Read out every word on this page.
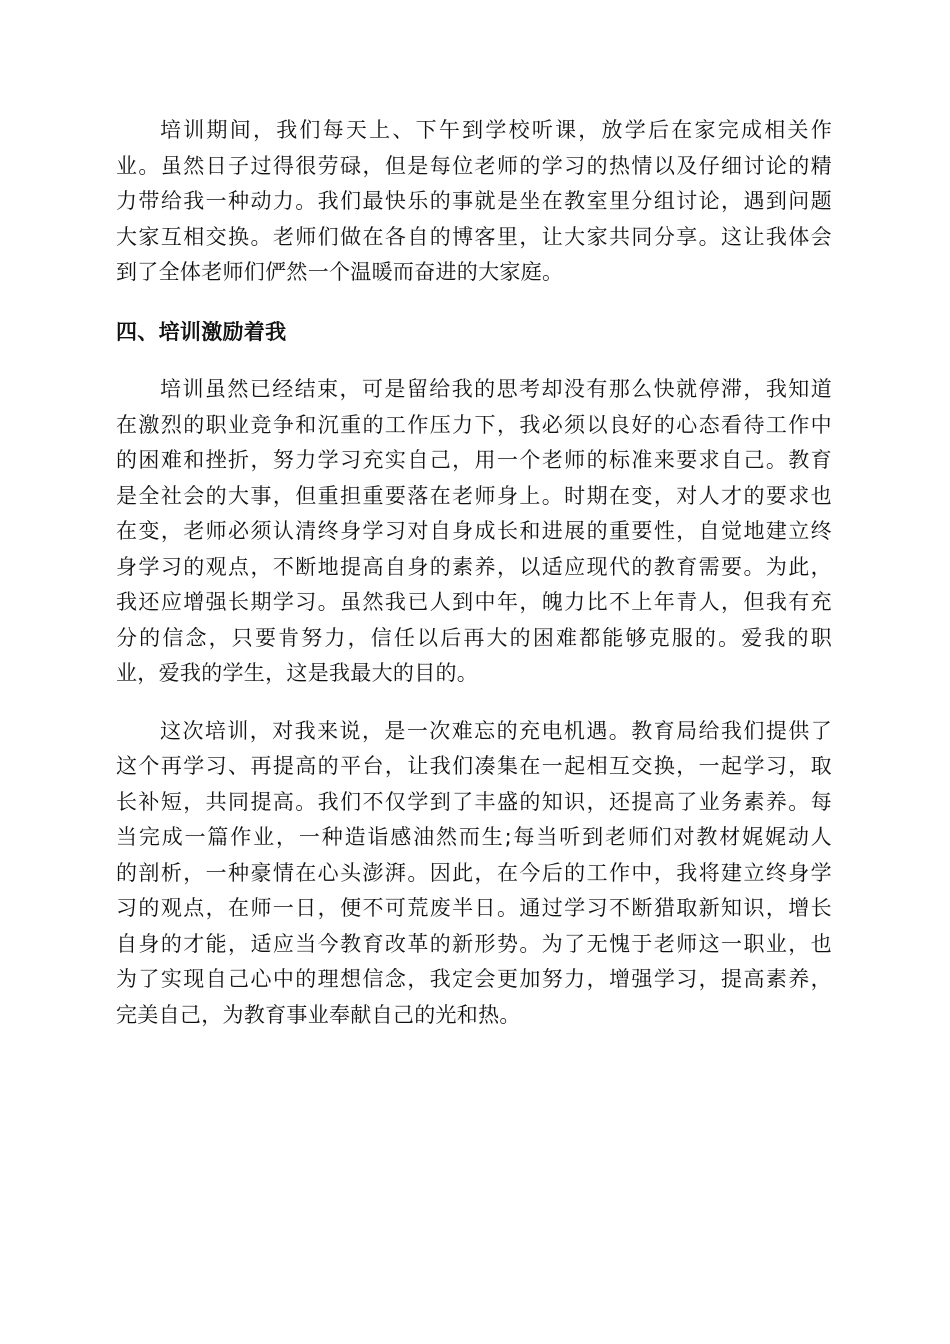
培训期间，我们每天上、下午到学校听课，放学后在家完成相关作
业。虽然日子过得很劳碌，但是每位老师的学习的热情以及仔细讨论的精
力带给我一种动力。我们最快乐的事就是坐在教室里分组讨论，遇到问题
大家互相交换。老师们做在各自的博客里，让大家共同分享。这让我体会
到了全体老师们俨然一个温暖而奋进的大家庭。
四、培训激励着我
培训虽然已经结束，可是留给我的思考却没有那么快就停滞，我知道
在激烈的职业竞争和沉重的工作压力下，我必须以良好的心态看待工作中
的困难和挫折，努力学习充实自己，用一个老师的标准来要求自己。教育
是全社会的大事，但重担重要落在老师身上。时期在变，对人才的要求也
在变，老师必须认清终身学习对自身成长和进展的重要性，自觉地建立终
身学习的观点，不断地提高自身的素养，以适应现代的教育需要。为此，
我还应增强长期学习。虽然我已人到中年，魄力比不上年青人，但我有充
分的信念，只要肯努力，信任以后再大的困难都能够克服的。爱我的职
业，爱我的学生，这是我最大的目的。
这次培训，对我来说，是一次难忘的充电机遇。教育局给我们提供了
这个再学习、再提高的平台，让我们凑集在一起相互交换，一起学习，取
长补短，共同提高。我们不仅学到了丰盛的知识，还提高了业务素养。每
当完成一篇作业，一种造诣感油然而生;每当听到老师们对教材娓娓动人
的剖析，一种豪情在心头澎湃。因此，在今后的工作中，我将建立终身学
习的观点，在师一日，便不可荒废半日。通过学习不断猎取新知识，增长
自身的才能，适应当今教育改革的新形势。为了无愧于老师这一职业，也
为了实现自己心中的理想信念，我定会更加努力，增强学习，提高素养，
完美自己，为教育事业奉献自己的光和热。
